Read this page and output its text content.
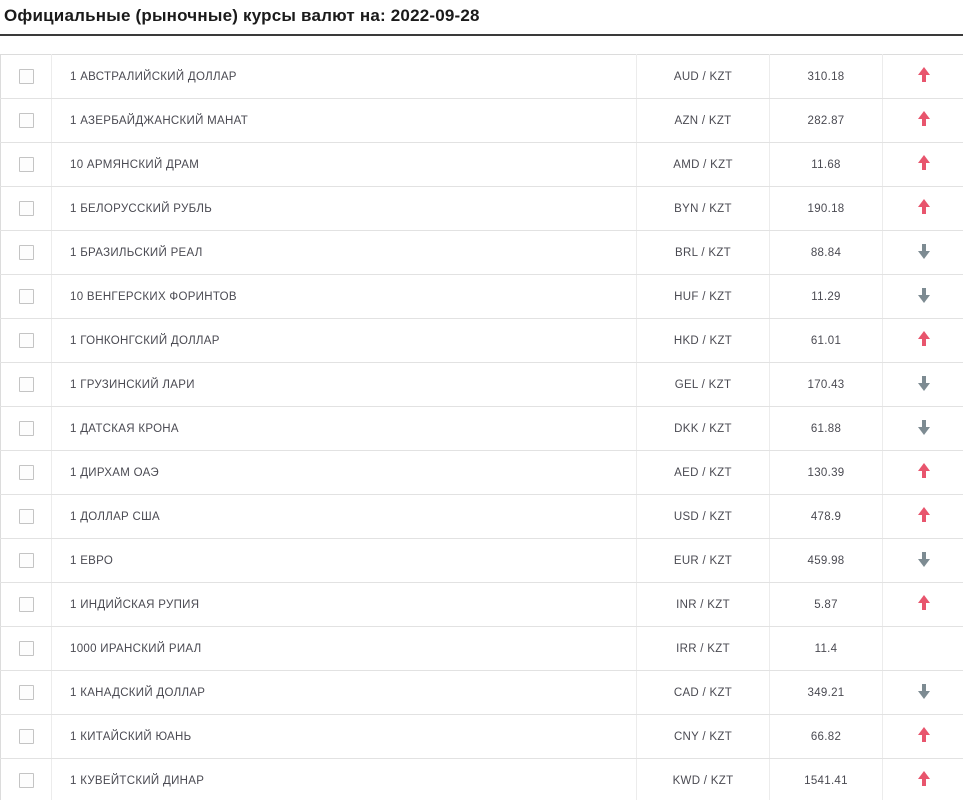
Официальные (рыночные) курсы валют на: 2022-09-28
	1 АВСТРАЛИЙСКИЙ ДОЛЛАР	AUD / KZT	310.18	
	1 АЗЕРБАЙДЖАНСКИЙ МАНАТ	AZN / KZT	282.87	
	10 АРМЯНСКИЙ ДРАМ	AMD / KZT	11.68	
	1 БЕЛОРУССКИЙ РУБЛЬ	BYN / KZT	190.18	
	1 БРАЗИЛЬСКИЙ РЕАЛ	BRL / KZT	88.84	
	10 ВЕНГЕРСКИХ ФОРИНТОВ	HUF / KZT	11.29	
	1 ГОНКОНГСКИЙ ДОЛЛАР	HKD / KZT	61.01	
	1 ГРУЗИНСКИЙ ЛАРИ	GEL / KZT	170.43	
	1 ДАТСКАЯ КРОНА	DKK / KZT	61.88	
	1 ДИРХАМ ОАЭ	AED / KZT	130.39	
	1 ДОЛЛАР США	USD / KZT	478.9	
	1 ЕВРО	EUR / KZT	459.98	
	1 ИНДИЙСКАЯ РУПИЯ	INR / KZT	5.87	
	1000 ИРАНСКИЙ РИАЛ	IRR / KZT	11.4	
	1 КАНАДСКИЙ ДОЛЛАР	CAD / KZT	349.21	
	1 КИТАЙСКИЙ ЮАНЬ	CNY / KZT	66.82	
	1 КУВЕЙТСКИЙ ДИНАР	KWD / KZT	1541.41	
